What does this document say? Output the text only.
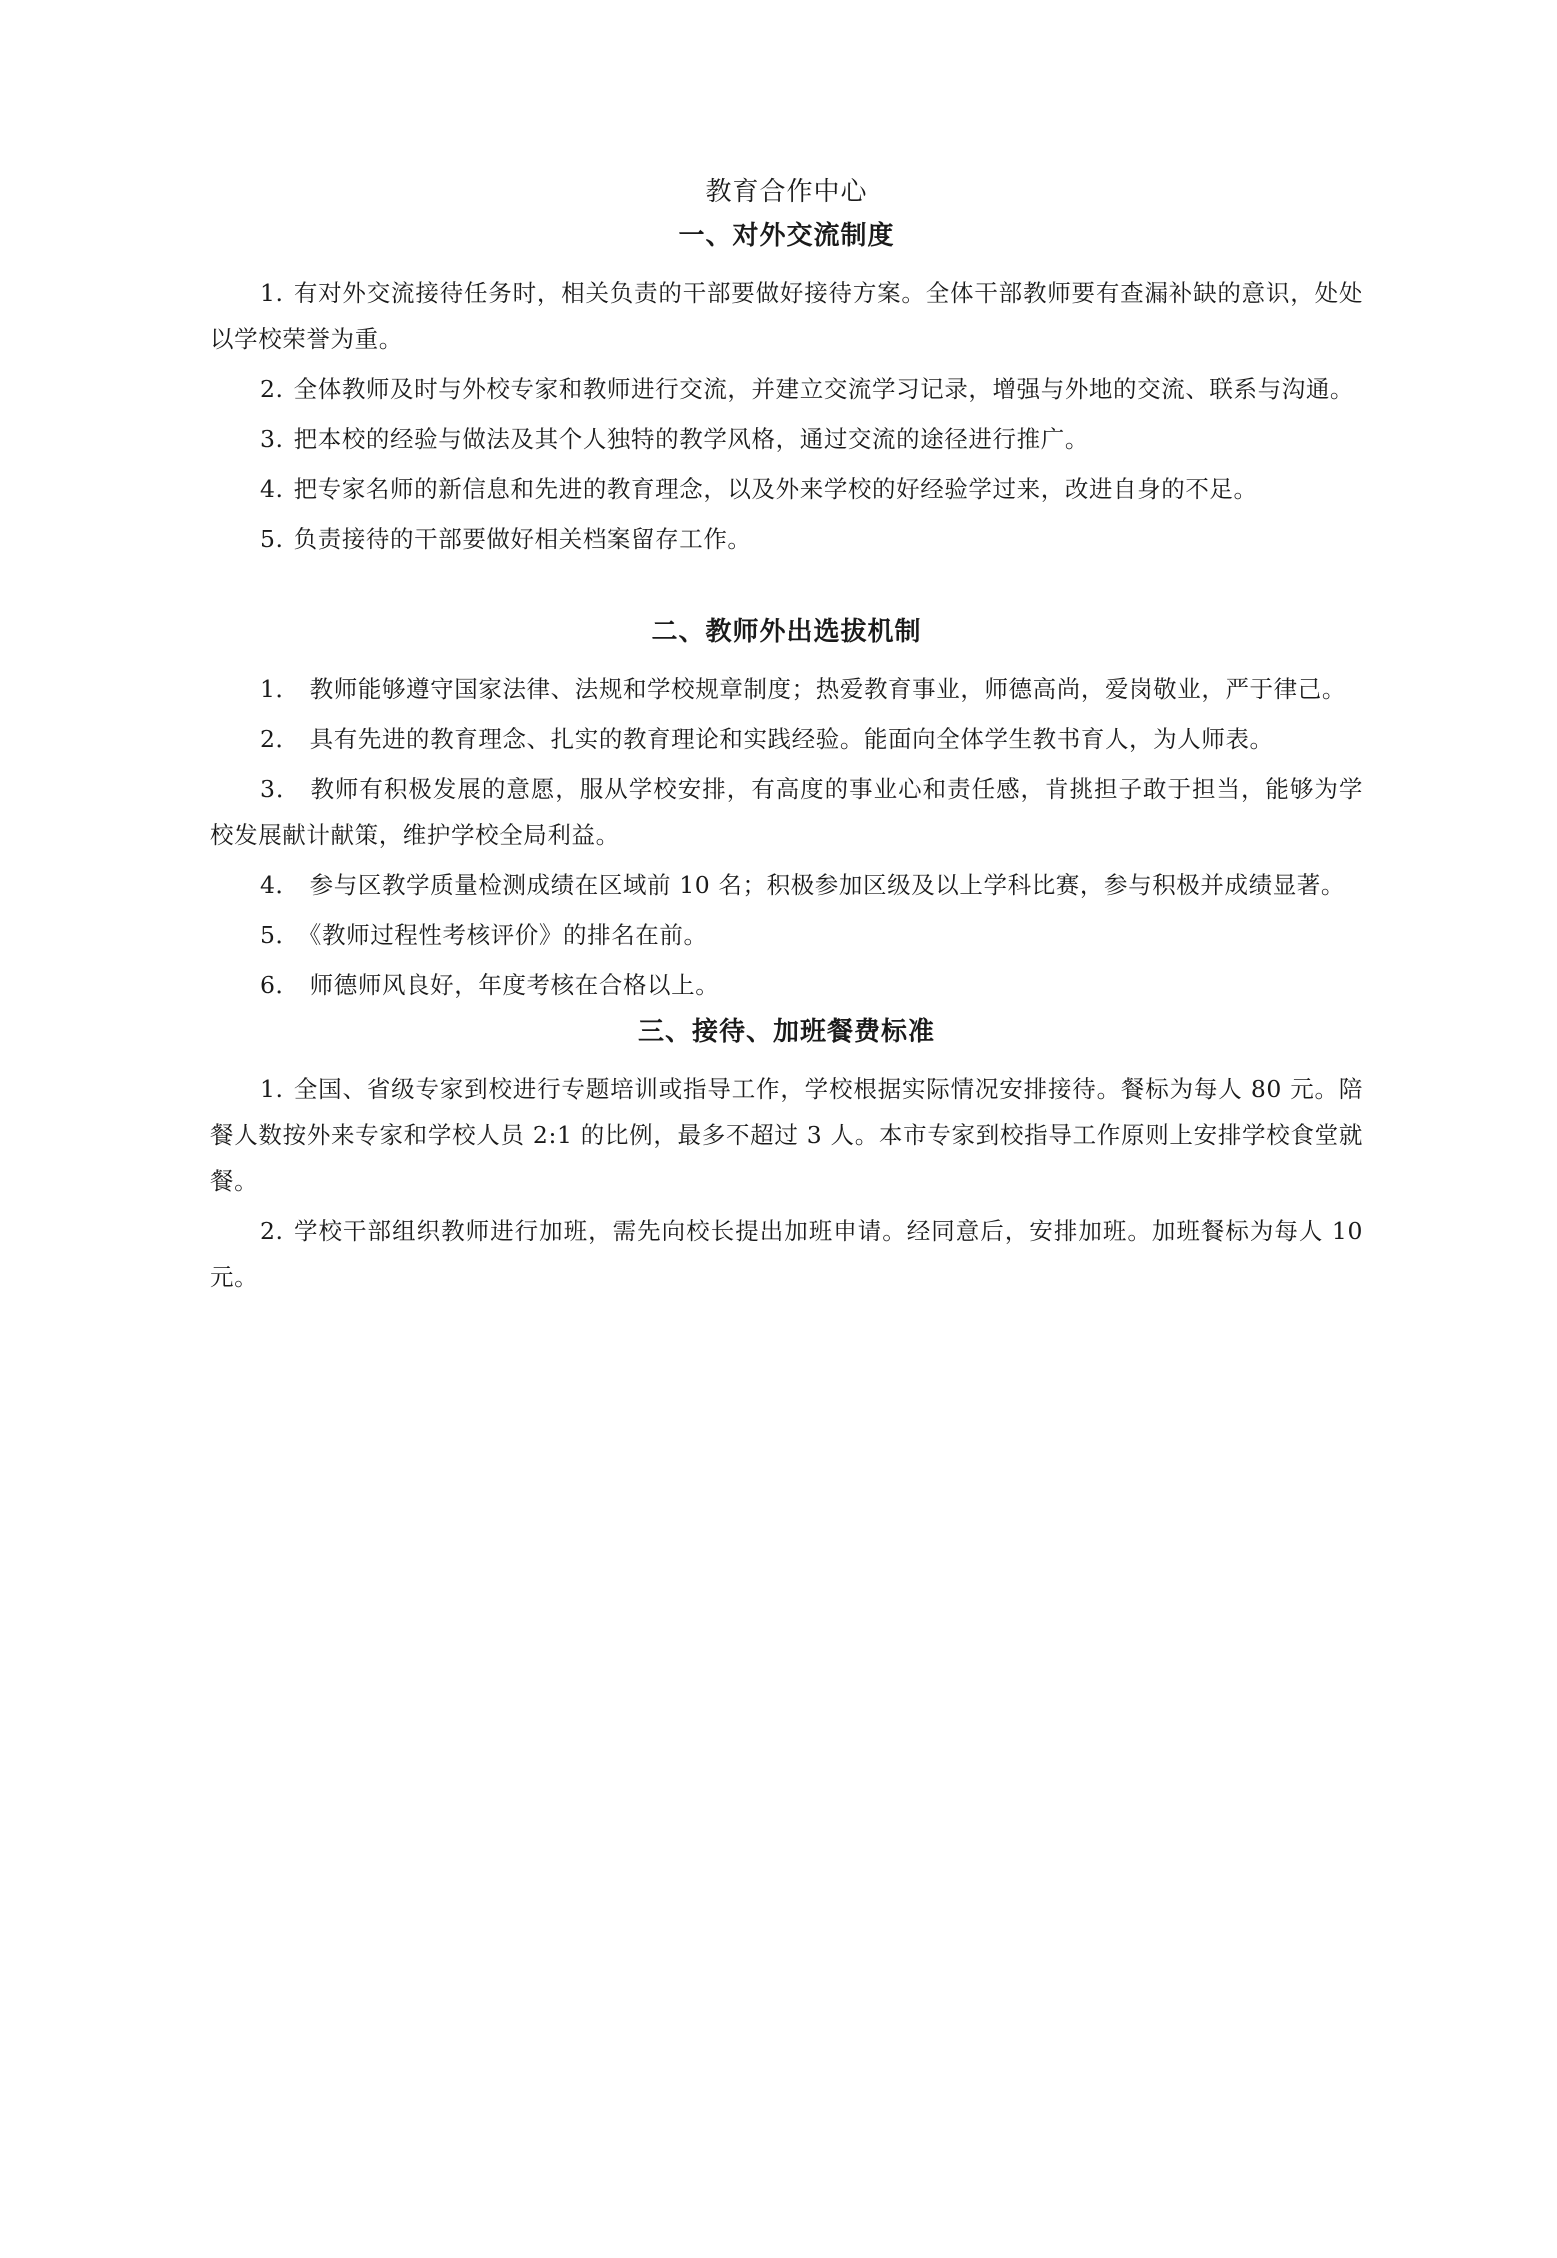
教育合作中心
一、对外交流制度

1. 有对外交流接待任务时，相关负责的干部要做好接待方案。全体干部教师要有查漏补缺的意识，处处以学校荣誉为重。

2. 全体教师及时与外校专家和教师进行交流，并建立交流学习记录，增强与外地的交流、联系与沟通。

3. 把本校的经验与做法及其个人独特的教学风格，通过交流的途径进行推广。

4. 把专家名师的新信息和先进的教育理念，以及外来学校的好经验学过来，改进自身的不足。

5. 负责接待的干部要做好相关档案留存工作。

二、教师外出选拔机制

1． 教师能够遵守国家法律、法规和学校规章制度；热爱教育事业，师德高尚，爱岗敬业，严于律己。

2． 具有先进的教育理念、扎实的教育理论和实践经验。能面向全体学生教书育人，为人师表。

3． 教师有积极发展的意愿，服从学校安排，有高度的事业心和责任感，肯挑担子敢于担当，能够为学校发展献计献策，维护学校全局利益。

4． 参与区教学质量检测成绩在区域前 10 名；积极参加区级及以上学科比赛，参与积极并成绩显著。

5． 《教师过程性考核评价》的排名在前。

6． 师德师风良好，年度考核在合格以上。

三、接待、加班餐费标准

1. 全国、省级专家到校进行专题培训或指导工作，学校根据实际情况安排接待。餐标为每人 80 元。陪餐人数按外来专家和学校人员 2:1 的比例，最多不超过 3 人。本市专家到校指导工作原则上安排学校食堂就餐。

2. 学校干部组织教师进行加班，需先向校长提出加班申请。经同意后，安排加班。加班餐标为每人 10 元。
